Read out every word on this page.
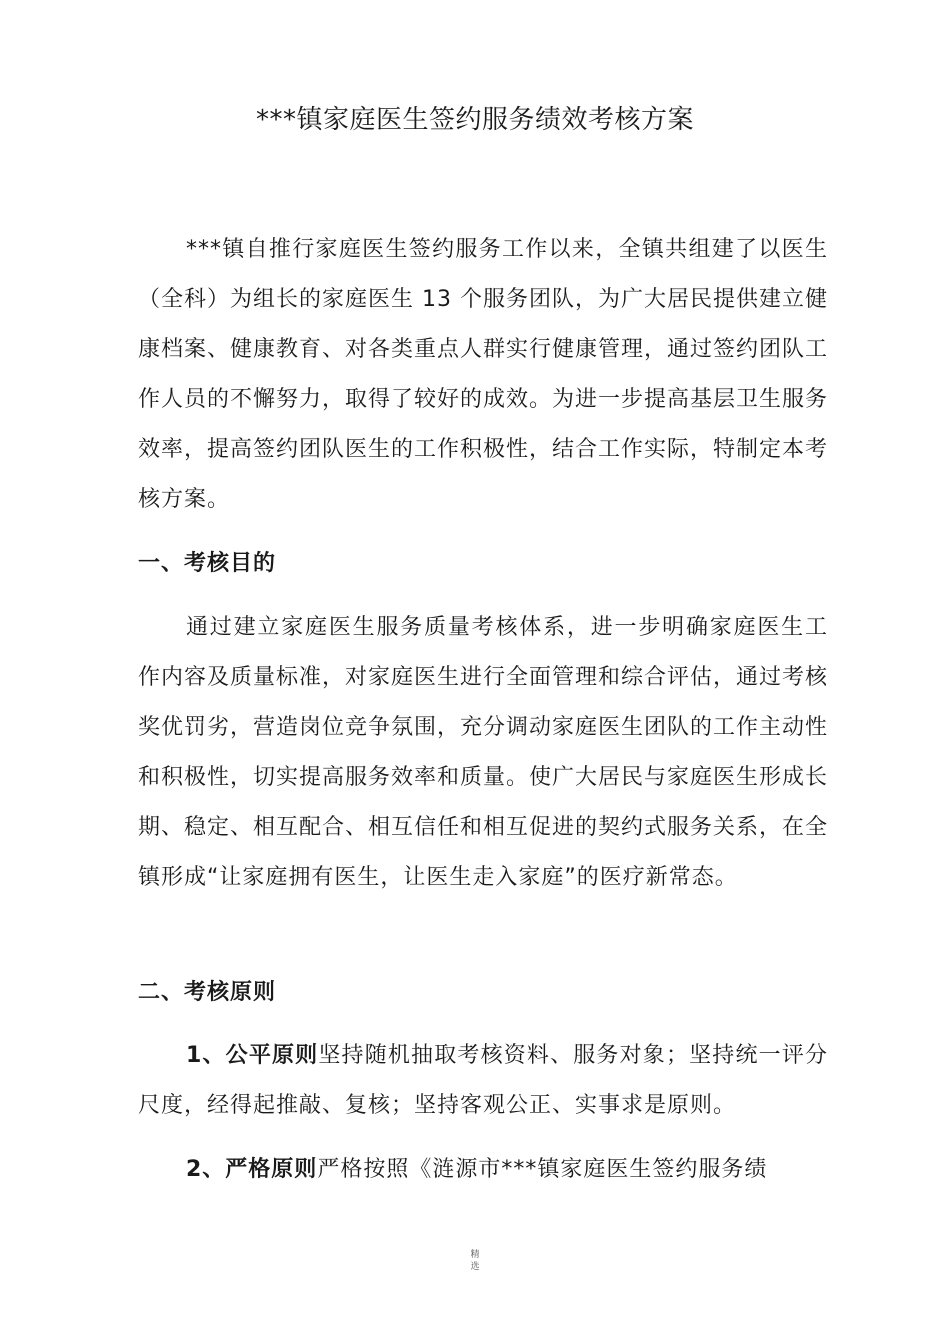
***镇家庭医生签约服务绩效考核方案

***镇自推行家庭医生签约服务工作以来，全镇共组建了以医生（全科）为组长的家庭医生 13 个服务团队，为广大居民提供建立健康档案、健康教育、对各类重点人群实行健康管理，通过签约团队工作人员的不懈努力，取得了较好的成效。为进一步提高基层卫生服务效率，提高签约团队医生的工作积极性，结合工作实际，特制定本考核方案。

一、考核目的

通过建立家庭医生服务质量考核体系，进一步明确家庭医生工作内容及质量标准，对家庭医生进行全面管理和综合评估，通过考核奖优罚劣，营造岗位竞争氛围，充分调动家庭医生团队的工作主动性和积极性，切实提高服务效率和质量。使广大居民与家庭医生形成长期、稳定、相互配合、相互信任和相互促进的契约式服务关系，在全镇形成“让家庭拥有医生，让医生走入家庭”的医疗新常态。

二、考核原则

1、公平原则坚持随机抽取考核资料、服务对象；坚持统一评分尺度，经得起推敲、复核；坚持客观公正、实事求是原则。

2、严格原则严格按照《涟源市***镇家庭医生签约服务绩

精
选
